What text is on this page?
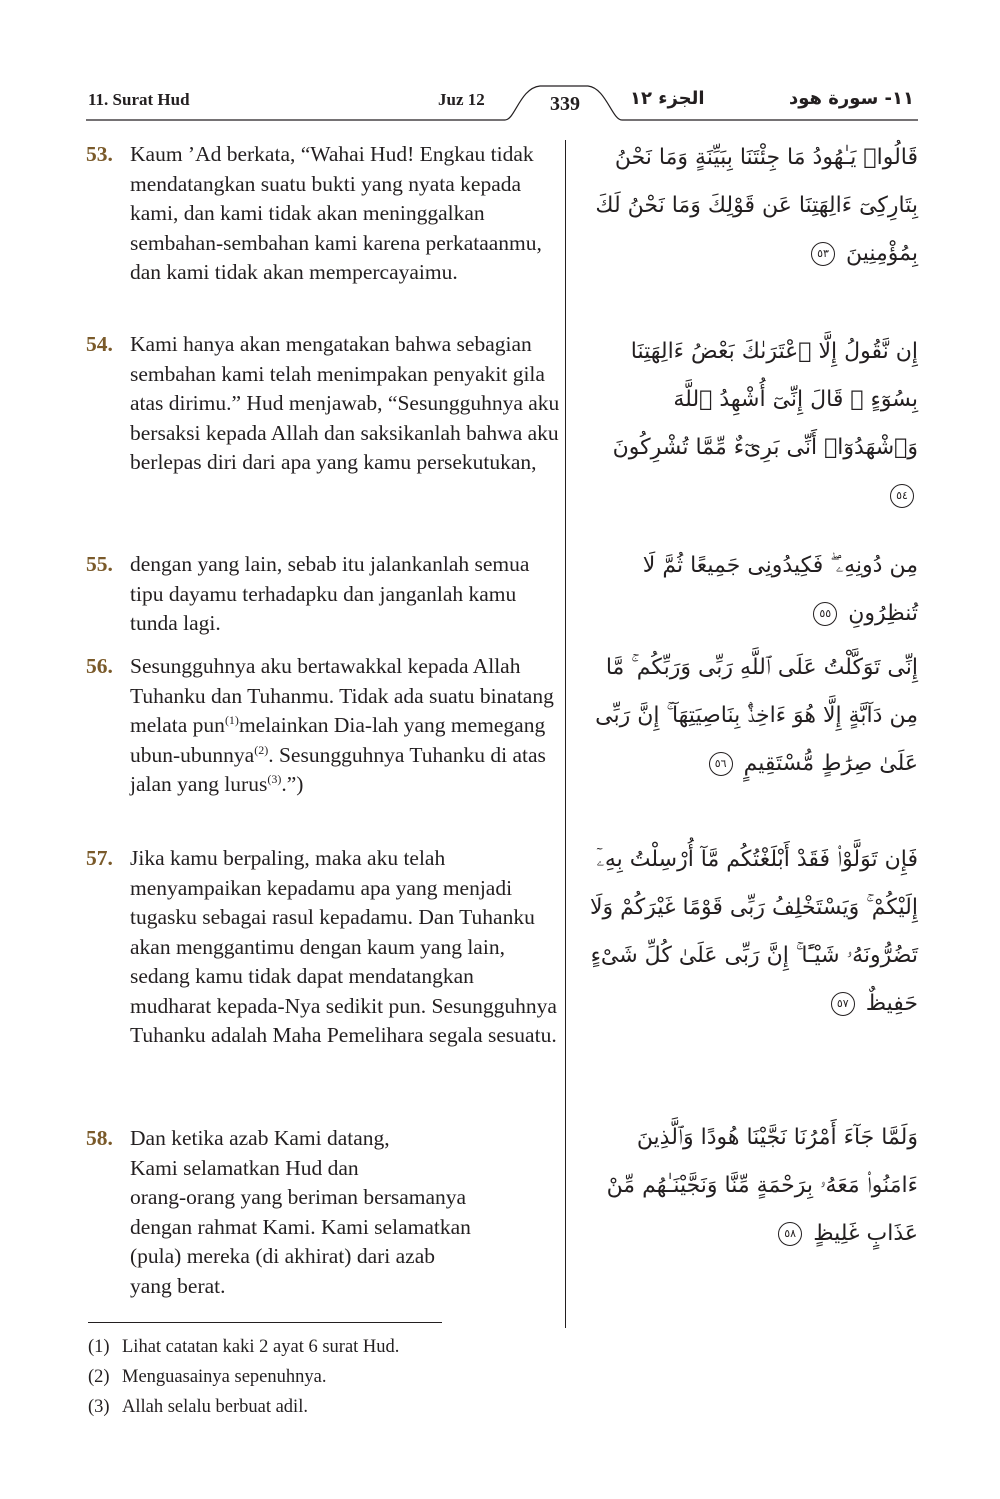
11. Surat Hud	Juz 12	339	الجزء ١٢	١١- سورة هود
53. Kaum ’Ad berkata, “Wahai Hud! Engkau tidak mendatangkan suatu bukti yang nyata kepada kami, dan kami tidak akan meninggalkan sembahan-sembahan kami karena perkataanmu, dan kami tidak akan mempercayaimu.
قَالُوا۟ يَـٰهُودُ مَا جِئْتَنَا بِبَيِّنَةٍ وَمَا نَحْنُ بِتَارِكِىٓ ءَالِهَتِنَا عَن قَوْلِكَ وَمَا نَحْنُ لَكَ بِمُؤْمِنِينَ ٥٣
54. Kami hanya akan mengatakan bahwa sebagian sembahan kami telah menimpakan penyakit gila atas dirimu.” Hud menjawab, “Sesungguhnya aku bersaksi kepada Allah dan saksikanlah bahwa aku berlepas diri dari apa yang kamu persekutukan,
إِن نَّقُولُ إِلَّا ٱعْتَرَىٰكَ بَعْضُ ءَالِهَتِنَا بِسُوٓءٍ ۗ قَالَ إِنِّىٓ أُشْهِدُ ٱللَّهَ وَٱشْهَدُوٓا۟ أَنِّى بَرِىٓءٌ مِّمَّا تُشْرِكُونَ ٥٤
55. dengan yang lain, sebab itu jalankanlah semua tipu dayamu terhadapku dan janganlah kamu tunda lagi.
مِن دُونِهِۦ ۖ فَكِيدُونِى جَمِيعًا ثُمَّ لَا تُنظِرُونِ ٥٥
56. Sesungguhnya aku bertawakkal kepada Allah Tuhanku dan Tuhanmu. Tidak ada suatu binatang melata pun$^{(1)}$melainkan Dia-lah yang memegang ubun-ubunnya$^{(2)}$. Sesungguhnya Tuhanku di atas jalan yang lurus$^{(3)}$.”)
إِنِّى تَوَكَّلْتُ عَلَى ٱللَّهِ رَبِّى وَرَبِّكُم ۚ مَّا مِن دَآبَّةٍ إِلَّا هُوَ ءَاخِذٌۢ بِنَاصِيَتِهَآ ۚ إِنَّ رَبِّى عَلَىٰ صِرَٰطٍ مُّسْتَقِيمٍ ٥٦
57. Jika kamu berpaling, maka aku telah menyampaikan kepadamu apa yang menjadi tugasku sebagai rasul kepadamu. Dan Tuhanku akan menggantimu dengan kaum yang lain, sedang kamu tidak dapat mendatangkan mudharat kepada-Nya sedikit pun. Sesungguhnya Tuhanku adalah Maha Pemelihara segala sesuatu.
فَإِن تَوَلَّوْا۟ فَقَدْ أَبْلَغْتُكُم مَّآ أُرْسِلْتُ بِهِۦٓ إِلَيْكُمْ ۚ وَيَسْتَخْلِفُ رَبِّى قَوْمًا غَيْرَكُمْ وَلَا تَضُرُّونَهُۥ شَيْـًٔا ۚ إِنَّ رَبِّى عَلَىٰ كُلِّ شَىْءٍ حَفِيظٌ ٥٧
58. Dan ketika azab Kami datang,
Kami selamatkan Hud dan
orang-orang yang beriman bersamanya
dengan rahmat Kami. Kami selamatkan
(pula) mereka (di akhirat) dari azab
yang berat.
وَلَمَّا جَآءَ أَمْرُنَا نَجَّيْنَا هُودًا وَٱلَّذِينَ ءَامَنُوا۟ مَعَهُۥ بِرَحْمَةٍ مِّنَّا وَنَجَّيْنَـٰهُم مِّنْ عَذَابٍ غَلِيظٍ ٥٨
(1) Lihat catatan kaki 2 ayat 6 surat Hud.
(2) Menguasainya sepenuhnya.
(3) Allah selalu berbuat adil.
